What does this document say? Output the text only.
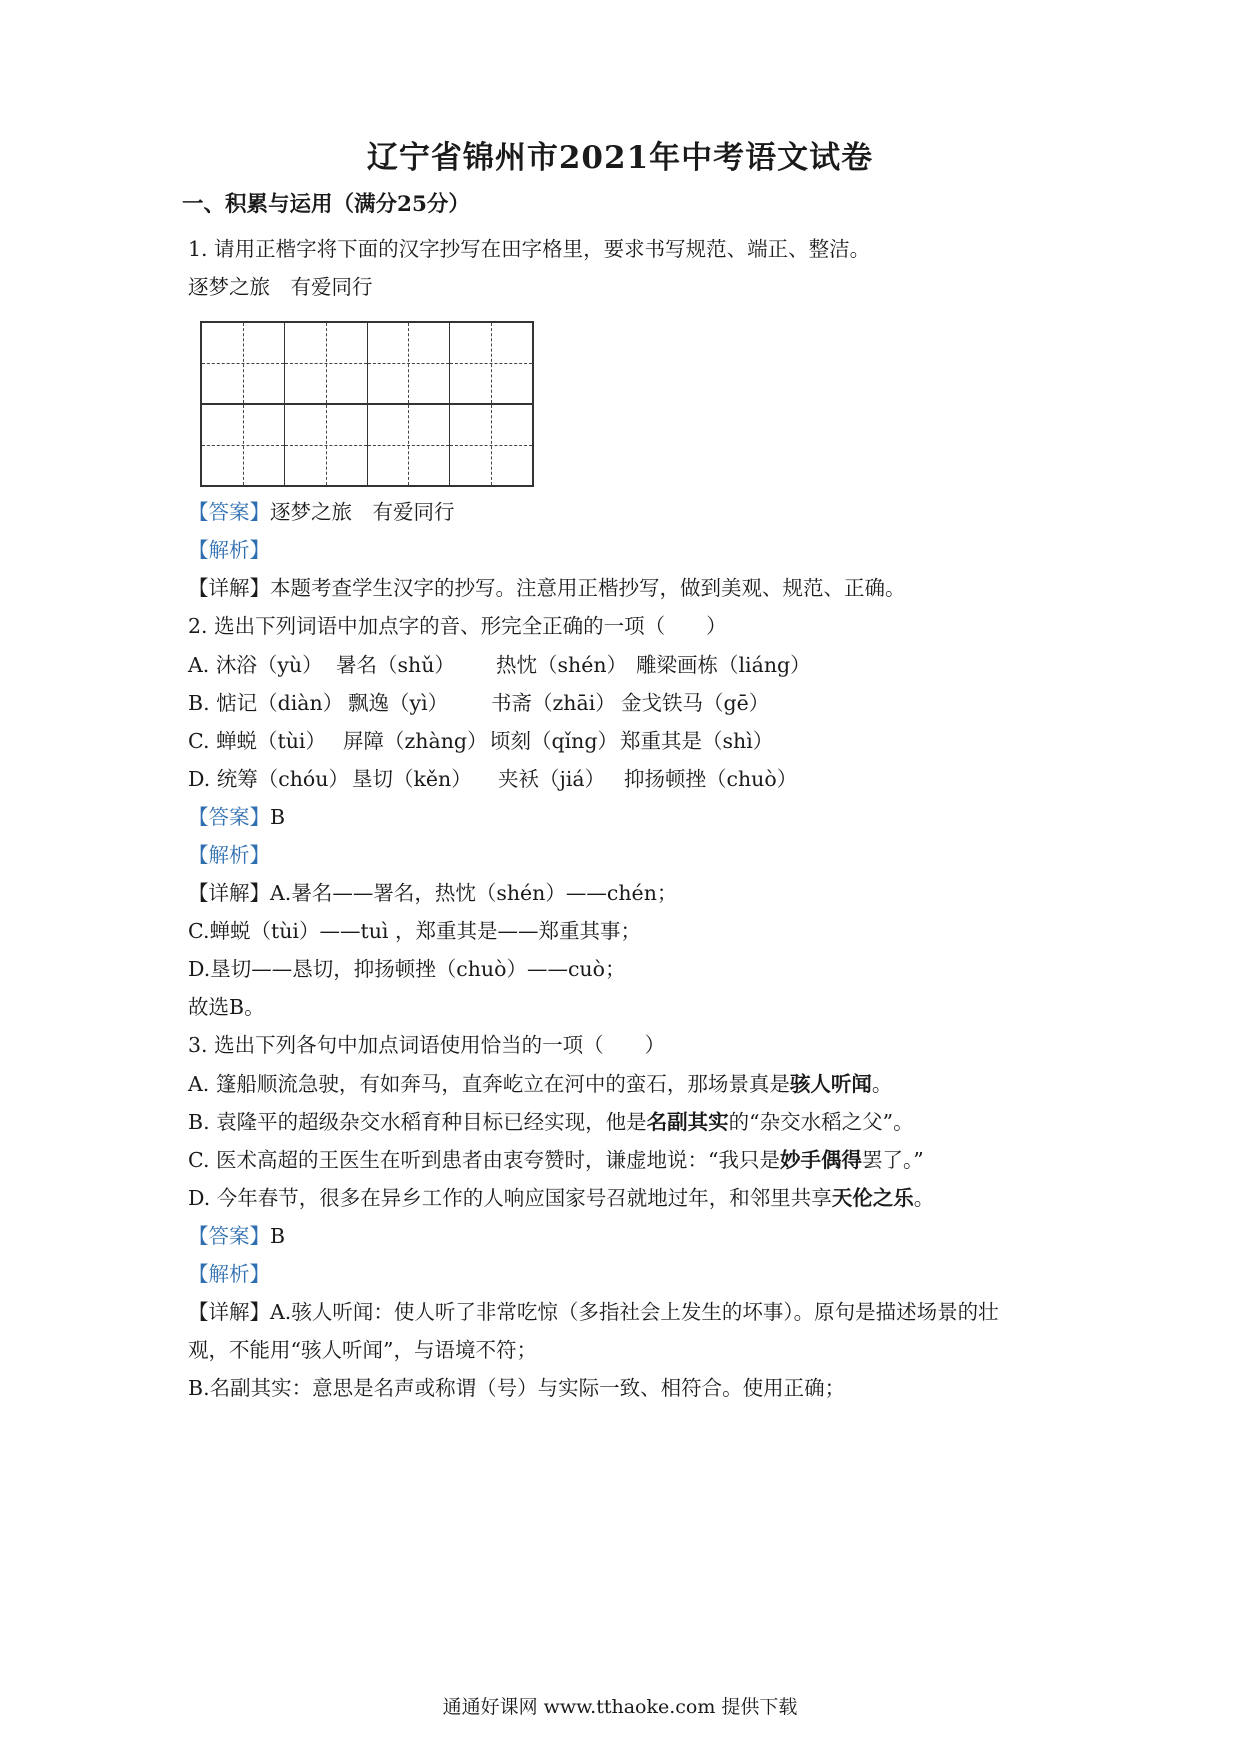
辽宁省锦州市2021年中考语文试卷
一、积累与运用（满分25分）
1. 请用正楷字将下面的汉字抄写在田字格里，要求书写规范、端正、整洁。
逐梦之旅　有爱同行
【答案】逐梦之旅　有爱同行
【解析】
【详解】本题考查学生汉字的抄写。注意用正楷抄写，做到美观、规范、正确。
2. 选出下列词语中加点字的音、形完全正确的一项（　　）
A. 沐浴（yù） 暑名（shǔ） 热忱（shén） 雕梁画栋（liáng）
B. 惦记（diàn） 飘逸（yì） 书斋（zhāi） 金戈铁马（gē）
C. 蝉蜕（tùi） 屏障（zhàng） 顷刻（qǐng）郑重其是（shì）
D. 统筹（chóu） 垦切（kěn） 夹袄（jiá） 抑扬顿挫（chuò）
【答案】B
【解析】
【详解】A.暑名——署名，热忱（shén）——chén；
C.蝉蜕（tùi）——tuì ，郑重其是——郑重其事；
D.垦切——恳切，抑扬顿挫（chuò）——cuò；
故选B。
3. 选出下列各句中加点词语使用恰当的一项（　　）
A. 篷船顺流急驶，有如奔马，直奔屹立在河中的蛮石，那场景真是骇人听闻。
B. 袁隆平的超级杂交水稻育种目标已经实现，他是名副其实的“杂交水稻之父”。
C. 医术高超的王医生在听到患者由衷夸赞时，谦虚地说：“我只是妙手偶得罢了。”
D. 今年春节，很多在异乡工作的人响应国家号召就地过年，和邻里共享天伦之乐。
【答案】B
【解析】
【详解】A.骇人听闻：使人听了非常吃惊（多指社会上发生的坏事）。原句是描述场景的壮
观，不能用“骇人听闻”，与语境不符；
B.名副其实：意思是名声或称谓（号）与实际一致、相符合。使用正确；
通通好课网 www.tthaoke.com 提供下载
